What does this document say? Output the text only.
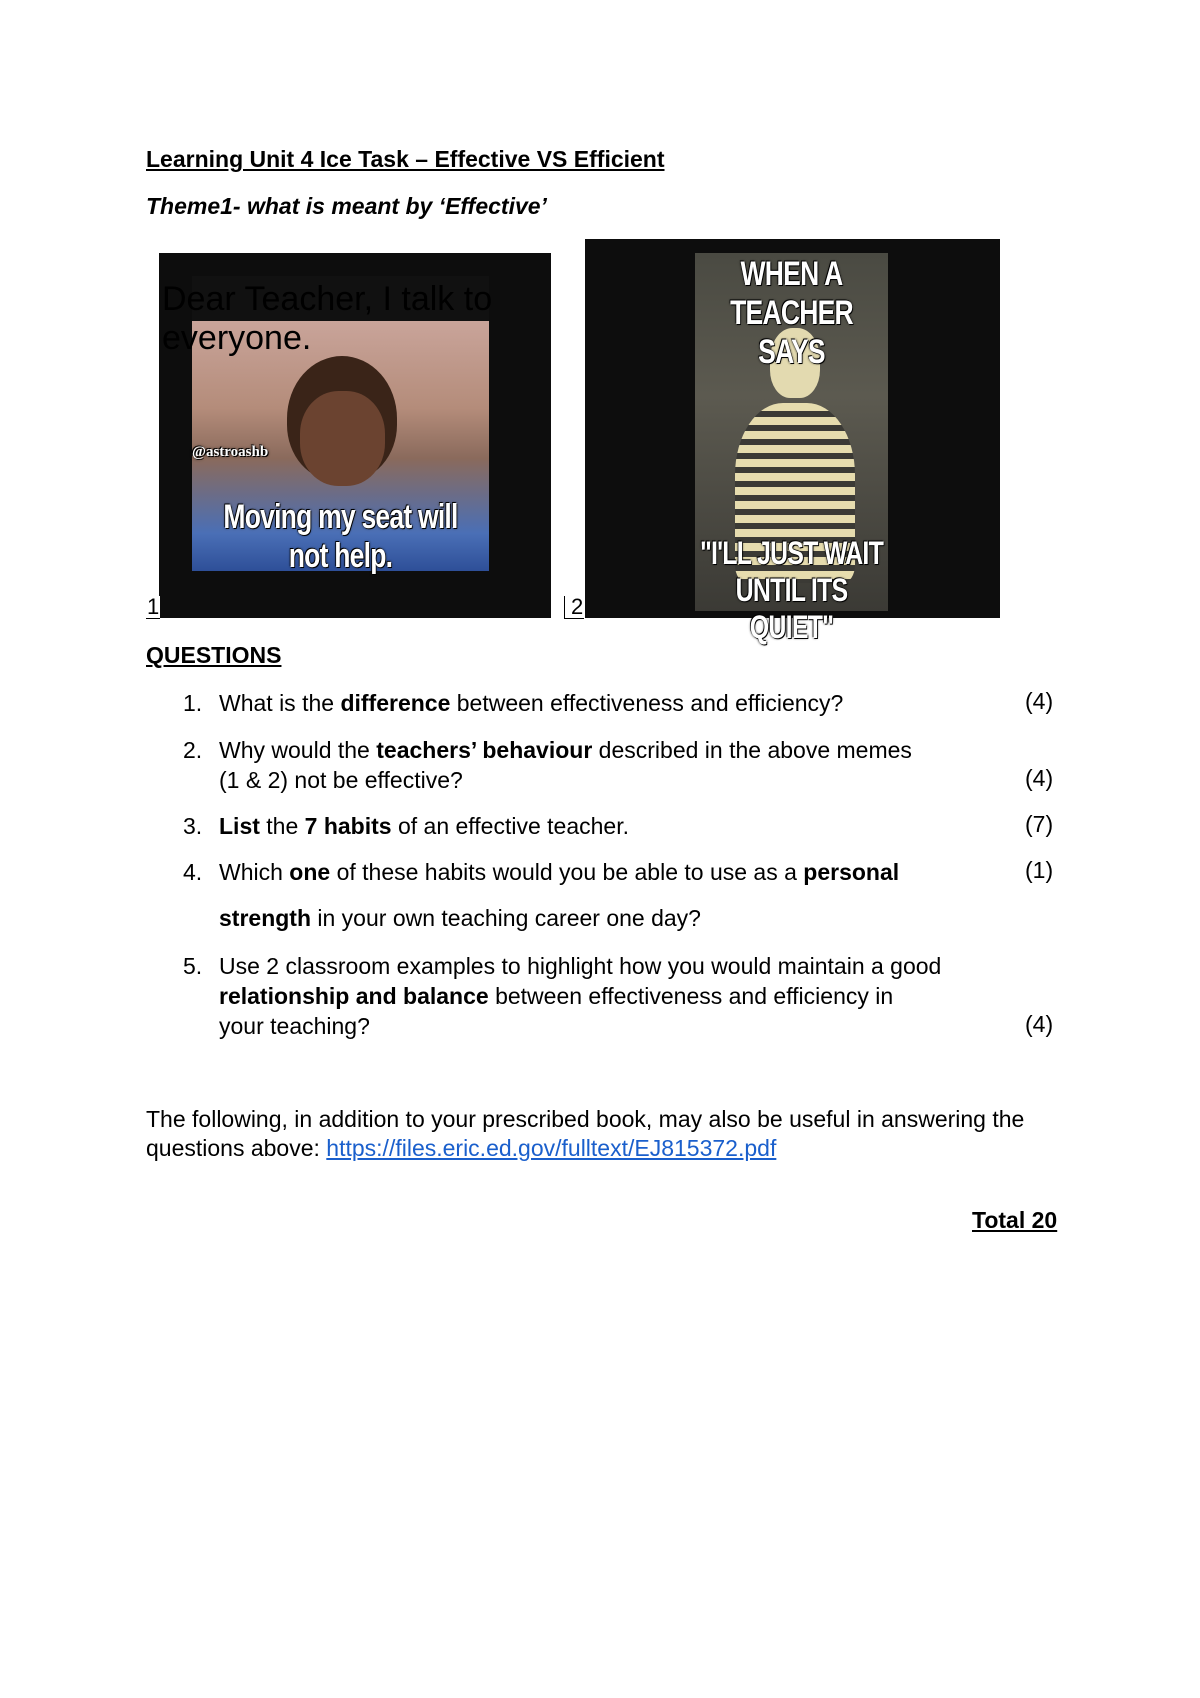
Learning Unit 4 Ice Task – Effective VS Efficient
Theme1- what is meant by ‘Effective’
Dear Teacher, I talk to everyone.
@astroashb
Moving my seat will not help.
1
WHEN A TEACHER SAYS
"I'LL JUST WAIT UNTIL ITS QUIET"
2
QUESTIONS
1. What is the difference between effectiveness and efficiency?	(4)
2. Why would the teachers’ behaviour described in the above memes
(1 & 2) not be effective?	(4)
3. List the 7 habits of an effective teacher.	(7)
4. Which one of these habits would you be able to use as a personal
strength in your own teaching career one day?
(1)
5. Use 2 classroom examples to highlight how you would maintain a good
relationship and balance between effectiveness and efficiency in
your teaching?	(4)
The following, in addition to your prescribed book, may also be useful in answering the questions above: https://files.eric.ed.gov/fulltext/EJ815372.pdf
Total 20
